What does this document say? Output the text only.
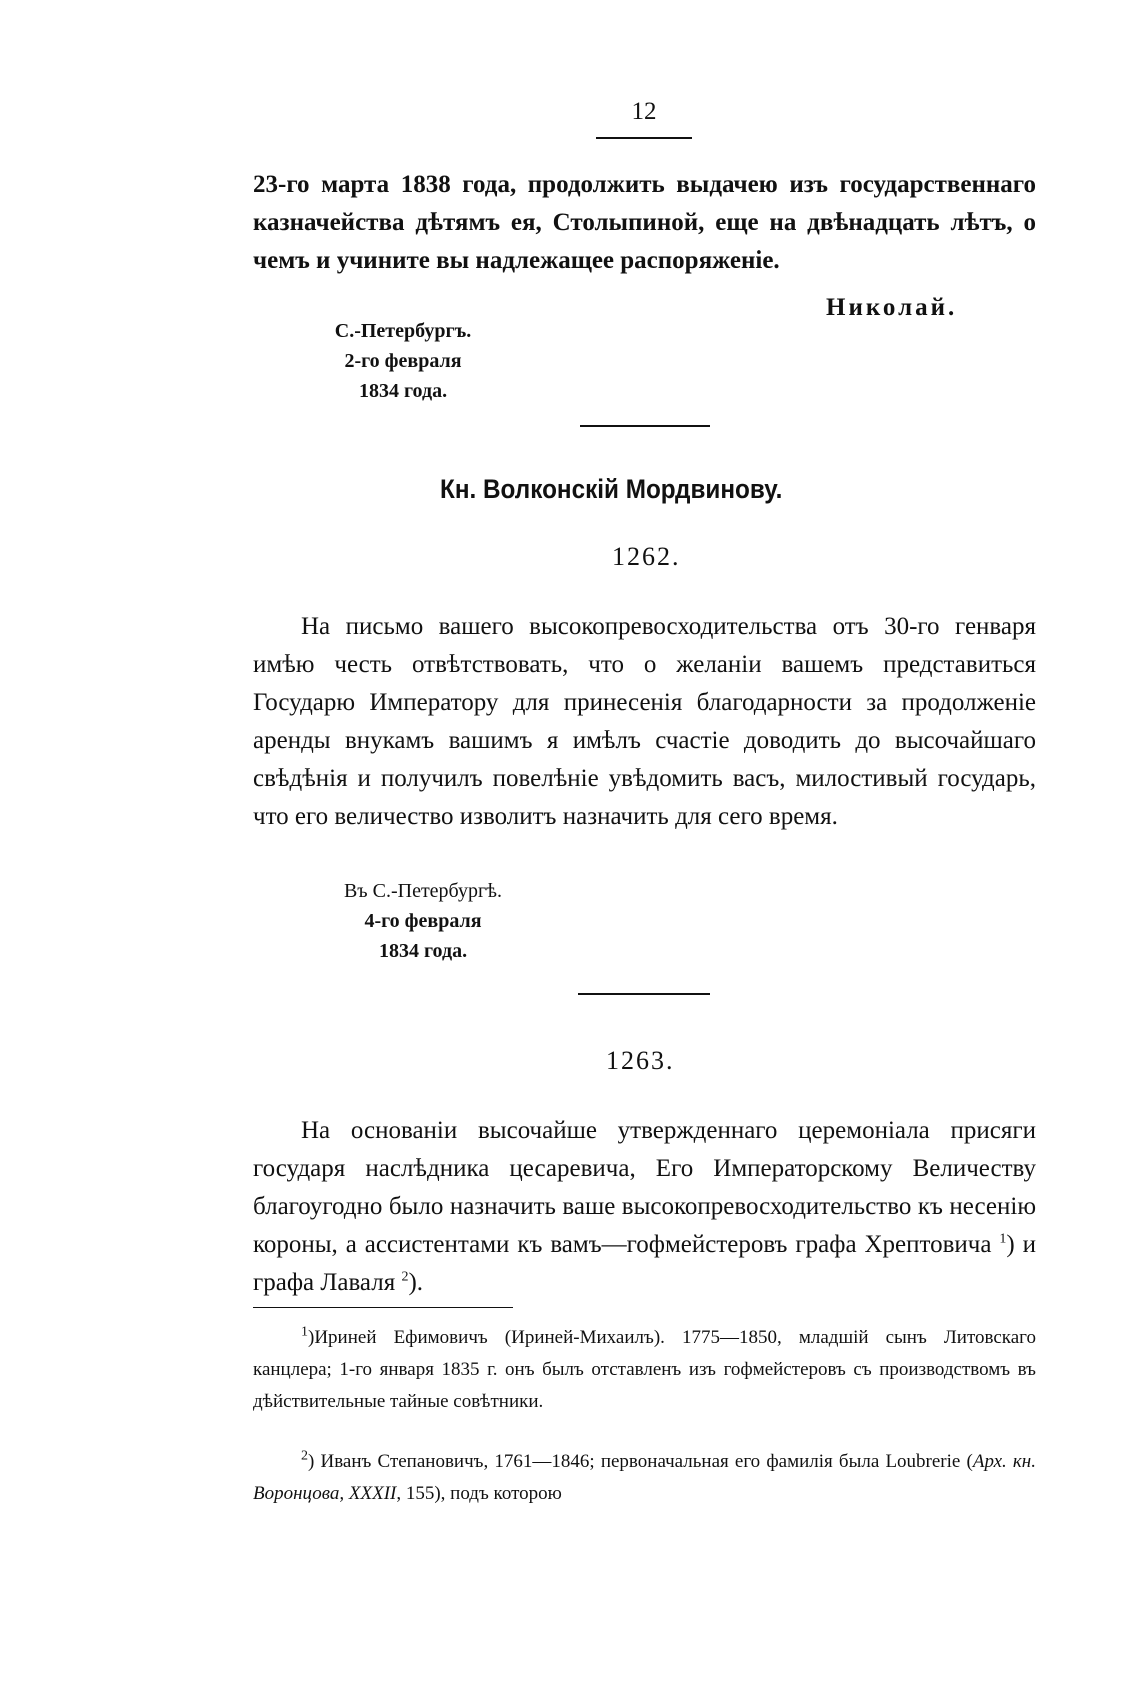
12
23-го марта 1838 года, продолжить выдачею изъ государственнаго казначейства дѣтямъ ея, Столыпиной, еще на двѣнадцать лѣтъ, о чемъ и учините вы надлежащее распоряженіе.
Николай.
С.-Петербургъ.
2-го февраля
1834 года.
Кн. Волконскій Мордвинову.
1262.
На письмо вашего высокопревосходительства отъ 30-го генваря имѣю честь отвѣтствовать, что о желаніи вашемъ представиться Государю Императору для принесенія благодарности за продолженіе аренды внукамъ вашимъ я имѣлъ счастіе доводить до высочайшаго свѣдѣнія и получилъ повелѣніе увѣдомить васъ, милостивый государь, что его величество изволитъ назначить для сего время.
Въ С.-Петербургѣ.
4-го февраля
1834 года.
1263.
На основаніи высочайше утвержденнаго церемоніала присяги государя наслѣдника цесаревича, Его Императорскому Величеству благоугодно было назначить ваше высокопревосходительство къ несенію короны, а ассистентами къ вамъ—гофмейстеровъ графа Хрептовича $^1$) и графа Лаваля $^2$).
$^1$)Ириней Ефимовичъ (Ириней-Михаилъ). 1775—1850, младшій сынъ Литовскаго канцлера; 1-го января 1835 г. онъ былъ отставленъ изъ гофмейстеровъ съ производствомъ въ дѣйствительные тайные совѣтники.
$^2$) Иванъ Степановичъ, 1761—1846; первоначальная его фамилія была Loubrerie (Арх. кн. Воронцова, XXXII, 155), подъ которою
